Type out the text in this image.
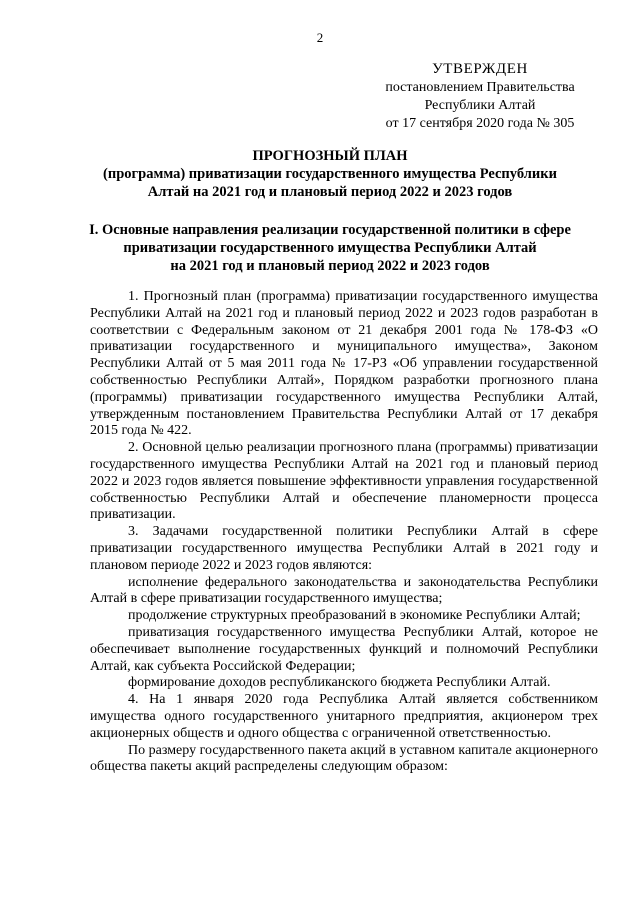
2
УТВЕРЖДЕН
постановлением Правительства
Республики Алтай
от 17 сентября 2020 года № 305
ПРОГНОЗНЫЙ ПЛАН
(программа) приватизации государственного имущества Республики
Алтай на 2021 год и плановый период 2022 и 2023 годов
I. Основные направления реализации государственной политики в сфере
приватизации государственного имущества Республики Алтай
на 2021 год и плановый период 2022 и 2023 годов

1. Прогнозный план (программа) приватизации государственного имущества Республики Алтай на 2021 год и плановый период 2022 и 2023 годов разработан в соответствии с Федеральным законом от 21 декабря 2001 года № 178-ФЗ «О приватизации государственного и муниципального имущества», Законом Республики Алтай от 5 мая 2011 года № 17-РЗ «Об управлении государственной собственностью Республики Алтай», Порядком разработки прогнозного плана (программы) приватизации государственного имущества Республики Алтай, утвержденным постановлением Правительства Республики Алтай от 17 декабря 2015 года № 422.

2. Основной целью реализации прогнозного плана (программы) приватизации государственного имущества Республики Алтай на 2021 год и плановый период 2022 и 2023 годов является повышение эффективности управления государственной собственностью Республики Алтай и обеспечение планомерности процесса приватизации.

3. Задачами государственной политики Республики Алтай в сфере приватизации государственного имущества Республики Алтай в 2021 году и плановом периоде 2022 и 2023 годов являются:

исполнение федерального законодательства и законодательства Республики Алтай в сфере приватизации государственного имущества;

продолжение структурных преобразований в экономике Республики Алтай;

приватизация государственного имущества Республики Алтай, которое не обеспечивает выполнение государственных функций и полномочий Республики Алтай, как субъекта Российской Федерации;

формирование доходов республиканского бюджета Республики Алтай.

4. На 1 января 2020 года Республика Алтай является собственником имущества одного государственного унитарного предприятия, акционером трех акционерных обществ и одного общества с ограниченной ответственностью.

По размеру государственного пакета акций в уставном капитале акционерного общества пакеты акций распределены следующим образом:
